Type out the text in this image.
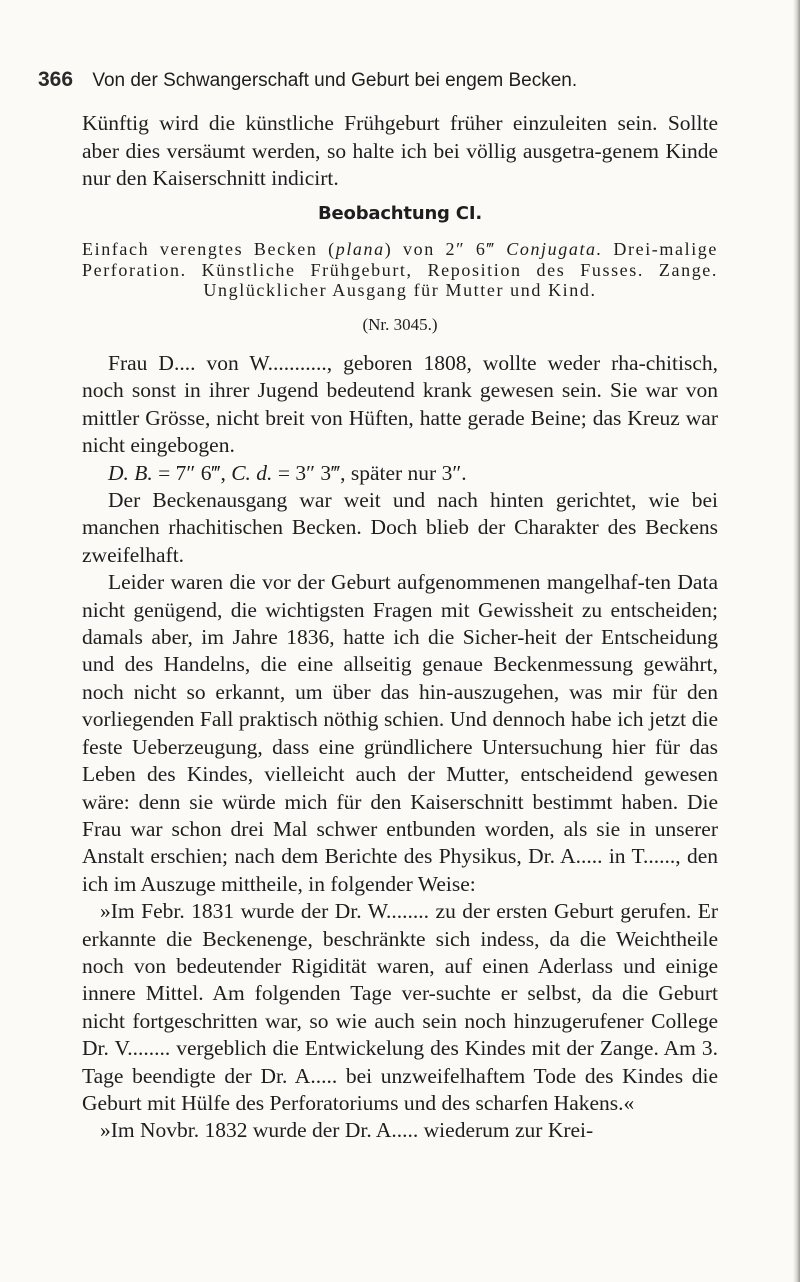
366 Von der Schwangerschaft und Geburt bei engem Becken.

Künftig wird die künstliche Frühgeburt früher einzuleiten sein. Sollte aber dies versäumt werden, so halte ich bei völlig ausgetra-genem Kinde nur den Kaiserschnitt indicirt.

Beobachtung CI.
Einfach verengtes Becken (plana) von 2″ 6‴ Conjugata. Drei-malige Perforation. Künstliche Frühgeburt, Reposition des Fusses. Zange. Unglücklicher Ausgang für Mutter und Kind.
(Nr. 3045.)

Frau D.... von W..........., geboren 1808, wollte weder rha-chitisch, noch sonst in ihrer Jugend bedeutend krank gewesen sein. Sie war von mittler Grösse, nicht breit von Hüften, hatte gerade Beine; das Kreuz war nicht eingebogen.

D. B. = 7″ 6‴, C. d. = 3″ 3‴, später nur 3″.

Der Beckenausgang war weit und nach hinten gerichtet, wie bei manchen rhachitischen Becken. Doch blieb der Charakter des Beckens zweifelhaft.

Leider waren die vor der Geburt aufgenommenen mangelhaf-ten Data nicht genügend, die wichtigsten Fragen mit Gewissheit zu entscheiden; damals aber, im Jahre 1836, hatte ich die Sicher-heit der Entscheidung und des Handelns, die eine allseitig genaue Beckenmessung gewährt, noch nicht so erkannt, um über das hin-auszugehen, was mir für den vorliegenden Fall praktisch nöthig schien. Und dennoch habe ich jetzt die feste Ueberzeugung, dass eine gründlichere Untersuchung hier für das Leben des Kindes, vielleicht auch der Mutter, entscheidend gewesen wäre: denn sie würde mich für den Kaiserschnitt bestimmt haben. Die Frau war schon drei Mal schwer entbunden worden, als sie in unserer Anstalt erschien; nach dem Berichte des Physikus, Dr. A..... in T......, den ich im Auszuge mittheile, in folgender Weise:

»Im Febr. 1831 wurde der Dr. W........ zu der ersten Geburt gerufen. Er erkannte die Beckenenge, beschränkte sich indess, da die Weichtheile noch von bedeutender Rigidität waren, auf einen Aderlass und einige innere Mittel. Am folgenden Tage ver-suchte er selbst, da die Geburt nicht fortgeschritten war, so wie auch sein noch hinzugerufener College Dr. V........ vergeblich die Entwickelung des Kindes mit der Zange. Am 3. Tage beendigte der Dr. A..... bei unzweifelhaftem Tode des Kindes die Geburt mit Hülfe des Perforatoriums und des scharfen Hakens.«

»Im Novbr. 1832 wurde der Dr. A..... wiederum zur Krei-
